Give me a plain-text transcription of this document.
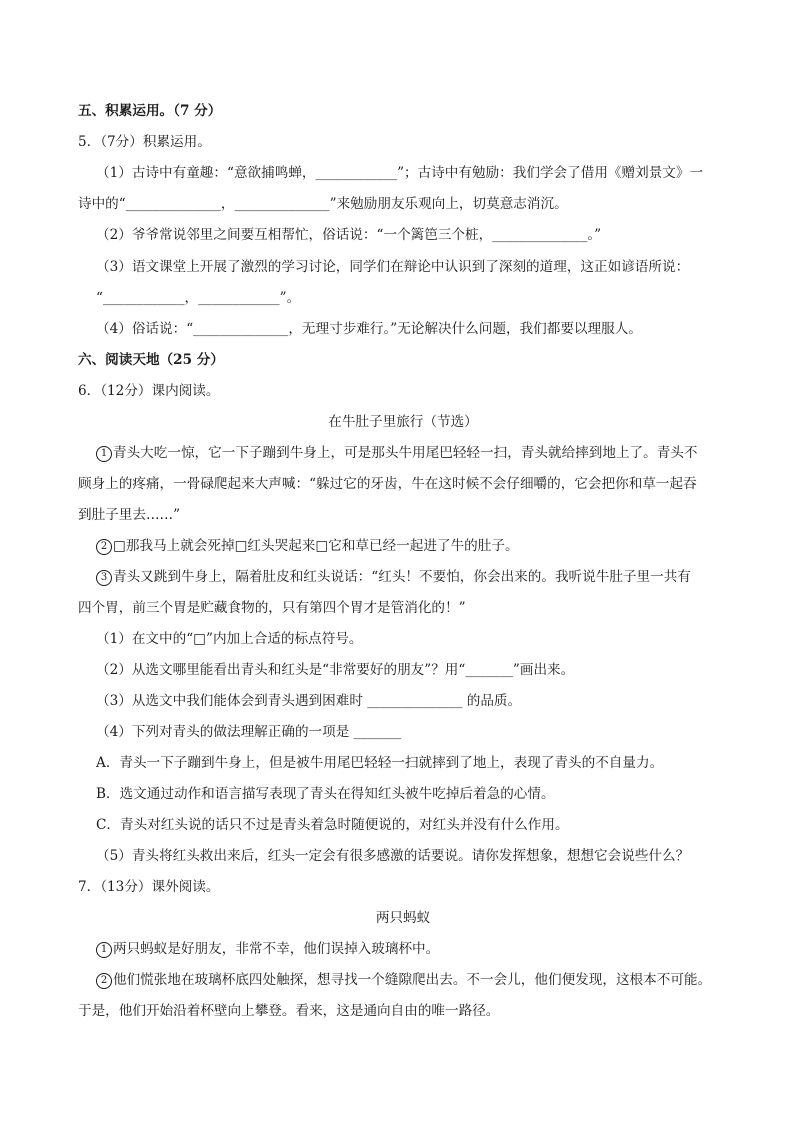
五、积累运用。（7 分）
5．（7分）积累运用。
（1）古诗中有童趣：“意欲捕鸣蝉，____________”；古诗中有勉励：我们学会了借用《赠刘景文》一
诗中的“______________，______________”来勉励朋友乐观向上，切莫意志消沉。
（2）爷爷常说邻里之间要互相帮忙，俗话说：“一个篱笆三个桩，______________。”
（3）语文课堂上开展了激烈的学习讨论，同学们在辩论中认识到了深刻的道理，这正如谚语所说：
“____________，____________”。
（4）俗话说：“______________，无理寸步难行。”无论解决什么问题，我们都要以理服人。
六、阅读天地（25 分）
6．（12分）课内阅读。
在牛肚子里旅行（节选）
1 青头大吃一惊，它一下子蹦到牛身上，可是那头牛用尾巴轻轻一扫，青头就给摔到地上了。青头不
顾身上的疼痛，一骨碌爬起来大声喊：“躲过它的牙齿，牛在这时候不会仔细嚼的，它会把你和草一起吞
到肚子里去……”
2 □那我马上就会死掉□红头哭起来□它和草已经一起进了牛的肚子。
3 青头又跳到牛身上，隔着肚皮和红头说话：“红头！不要怕，你会出来的。我听说牛肚子里一共有
四个胃，前三个胃是贮藏食物的，只有第四个胃才是管消化的！”
（1）在文中的“□”内加上合适的标点符号。
（2）从选文哪里能看出青头和红头是“非常要好的朋友”？用“_______”画出来。
（3）从选文中我们能体会到青头遇到困难时 ______________ 的品质。
（4）下列对青头的做法理解正确的一项是 _______
A．青头一下子蹦到牛身上，但是被牛用尾巴轻轻一扫就摔到了地上，表现了青头的不自量力。
B．选文通过动作和语言描写表现了青头在得知红头被牛吃掉后着急的心情。
C．青头对红头说的话只不过是青头着急时随便说的，对红头并没有什么作用。
（5）青头将红头救出来后，红头一定会有很多感激的话要说。请你发挥想象，想想它会说些什么？
7．（13分）课外阅读。
两只蚂蚁
1 两只蚂蚁是好朋友，非常不幸，他们误掉入玻璃杯中。
2 他们慌张地在玻璃杯底四处触探，想寻找一个缝隙爬出去。不一会儿，他们便发现，这根本不可能。
于是，他们开始沿着杯壁向上攀登。看来，这是通向自由的唯一路径。
